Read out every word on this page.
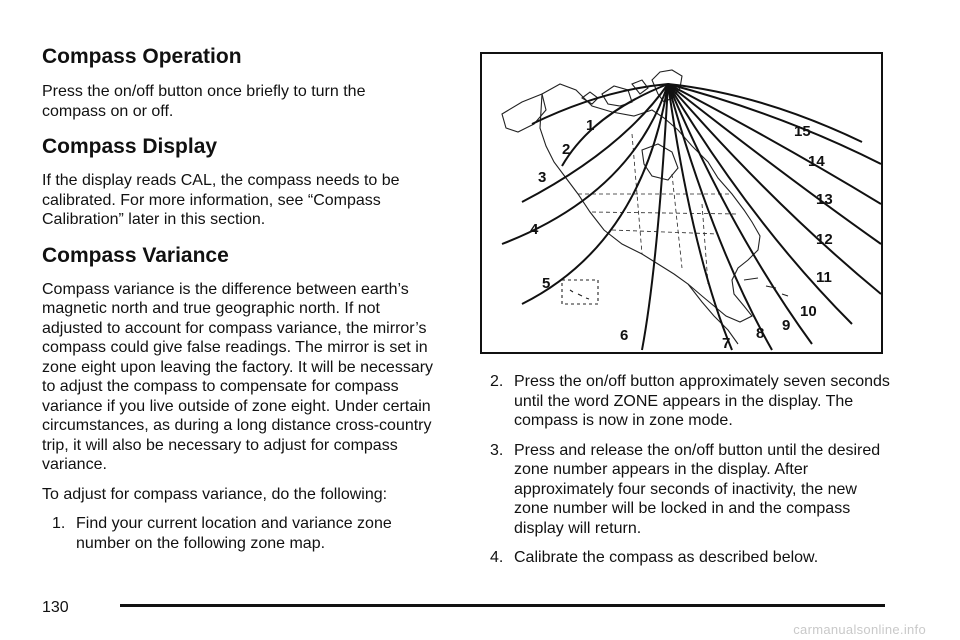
Compass Operation

Press the on/off button once briefly to turn the compass on or off.

Compass Display

If the display reads CAL, the compass needs to be calibrated. For more information, see “Compass Calibration” later in this section.

Compass Variance

Compass variance is the difference between earth’s magnetic north and true geographic north. If not adjusted to account for compass variance, the mirror’s compass could give false readings. The mirror is set in zone eight upon leaving the factory. It will be necessary to adjust the compass to compensate for compass variance if you live outside of zone eight. Under certain circumstances, as during a long distance cross-country trip, it will also be necessary to adjust for compass variance.

To adjust for compass variance, do the following:

1. Find your current location and variance zone number on the following zone map.
1
2
3
4
5
6	7
8 9
10
11
12
13
14
15
2. Press the on/off button approximately seven seconds until the word ZONE appears in the display. The compass is now in zone mode.
3. Press and release the on/off button until the desired zone number appears in the display. After approximately four seconds of inactivity, the new zone number will be locked in and the compass display will return.
4. Calibrate the compass as described below.
130
carmanualsonline.info
